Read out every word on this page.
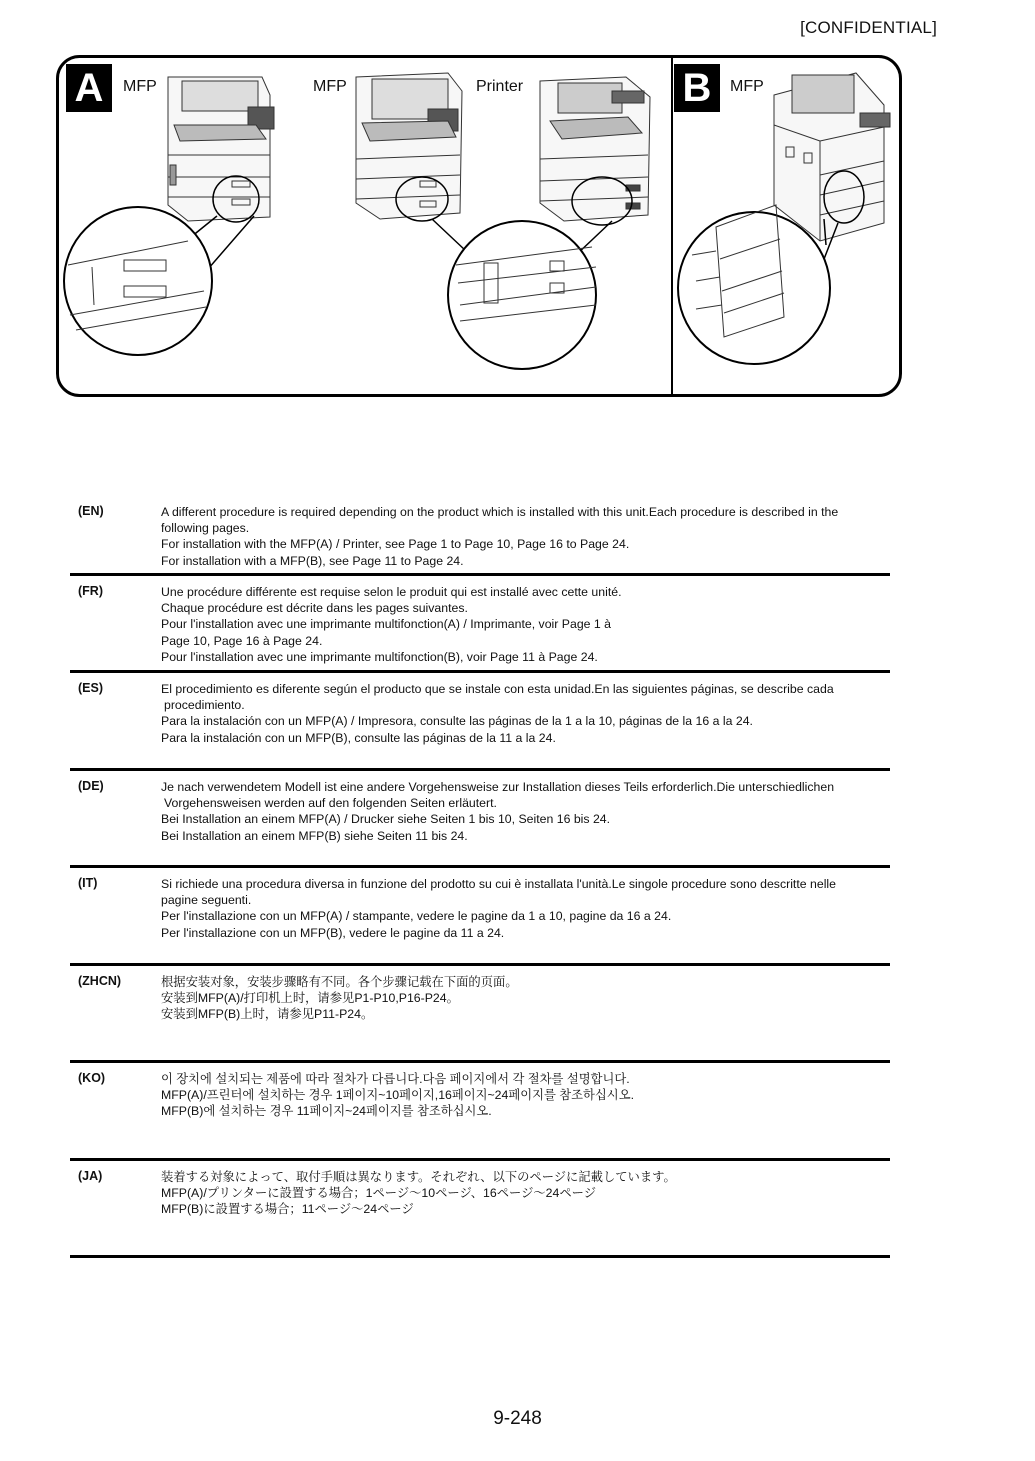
[CONFIDENTIAL]
A	MFP	MFP	Printer	B	MFP
(EN)	A different procedure is required depending on the product which is installed with this unit.Each procedure is described in the
following pages.
For installation with the MFP(A) / Printer, see Page 1 to Page 10, Page 16 to Page 24.
For installation with a MFP(B), see Page 11 to Page 24.
(FR)	Une procédure différente est requise selon le produit qui est installé avec cette unité.
Chaque procédure est décrite dans les pages suivantes.
Pour l'installation avec une imprimante multifonction(A) / Imprimante, voir Page 1 à
Page 10, Page 16 à Page 24.
Pour l'installation avec une imprimante multifonction(B), voir Page 11 à Page 24.
(ES)	El procedimiento es diferente según el producto que se instale con esta unidad.En las siguientes páginas, se describe cada
procedimiento.
Para la instalación con un MFP(A) / Impresora, consulte las páginas de la 1 a la 10, páginas de la 16 a la 24.
Para la instalación con un MFP(B), consulte las páginas de la 11 a la 24.
(DE)	Je nach verwendetem Modell ist eine andere Vorgehensweise zur Installation dieses Teils erforderlich.Die unterschiedlichen
Vorgehensweisen werden auf den folgenden Seiten erläutert.
Bei Installation an einem MFP(A) / Drucker siehe Seiten 1 bis 10, Seiten 16 bis 24.
Bei Installation an einem MFP(B) siehe Seiten 11 bis 24.
(IT)	Si richiede una procedura diversa in funzione del prodotto su cui è installata l'unità.Le singole procedure sono descritte nelle
pagine seguenti.
Per l'installazione con un MFP(A) / stampante, vedere le pagine da 1 a 10, pagine da 16 a 24.
Per l'installazione con un MFP(B), vedere le pagine da 11 a 24.
(ZHCN)	根据安装对象，安装步骤略有不同。各个步骤记载在下面的页面。
安装到MFP(A)/打印机上时，请参见P1-P10,P16-P24。
安装到MFP(B)上时，请参见P11-P24。
(KO)	이 장치에 설치되는 제품에 따라 절차가 다릅니다.다음 페이지에서 각 절차를 설명합니다.
MFP(A)/프린터에 설치하는 경우 1페이지~10페이지,16페이지~24페이지를 참조하십시오.
MFP(B)에 설치하는 경우 11페이지~24페이지를 참조하십시오.
(JA)	装着する対象によって、取付手順は異なります。それぞれ、以下のページに記載しています。
MFP(A)/プリンターに設置する場合；1ページ～10ページ、16ページ～24ページ
MFP(B)に設置する場合；11ページ～24ページ
9-248
